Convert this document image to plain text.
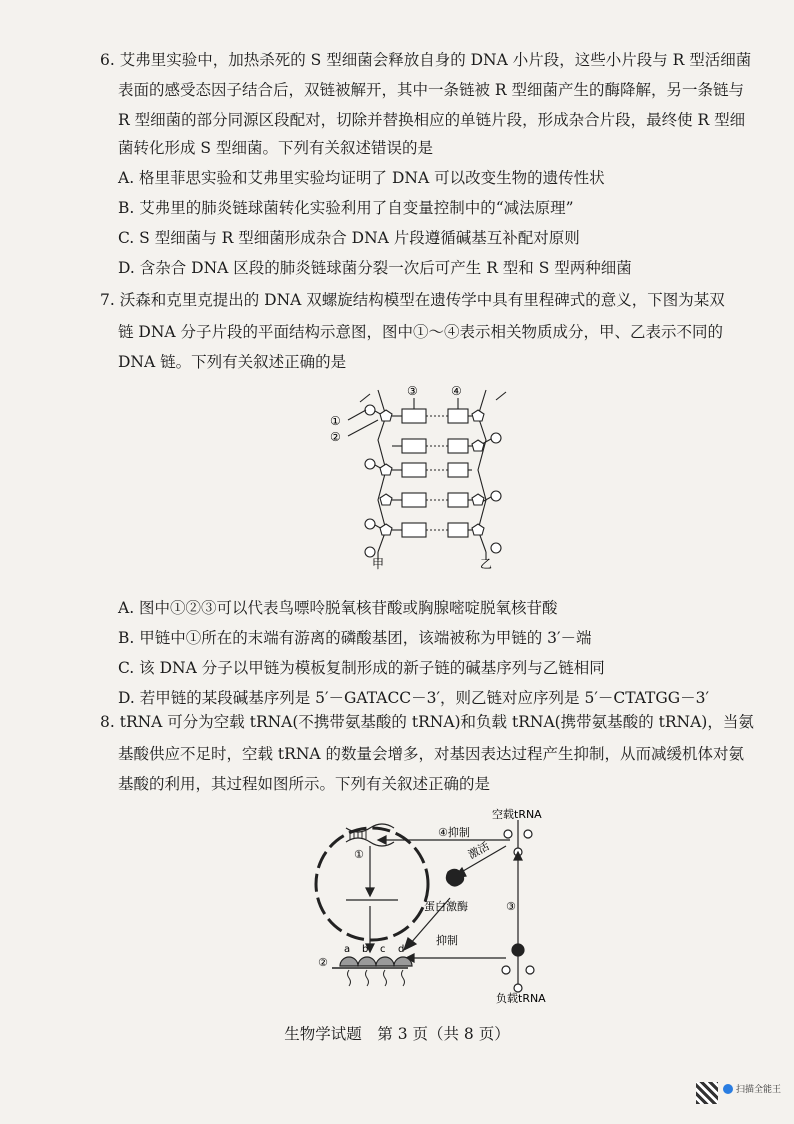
6. 艾弗里实验中，加热杀死的 S 型细菌会释放自身的 DNA 小片段，这些小片段与 R 型活细菌
表面的感受态因子结合后，双链被解开，其中一条链被 R 型细菌产生的酶降解，另一条链与
R 型细菌的部分同源区段配对，切除并替换相应的单链片段，形成杂合片段，最终使 R 型细
菌转化形成 S 型细菌。下列有关叙述错误的是
A. 格里菲思实验和艾弗里实验均证明了 DNA 可以改变生物的遗传性状
B. 艾弗里的肺炎链球菌转化实验利用了自变量控制中的“减法原理”
C. S 型细菌与 R 型细菌形成杂合 DNA 片段遵循碱基互补配对原则
D. 含杂合 DNA 区段的肺炎链球菌分裂一次后可产生 R 型和 S 型两种细菌
7. 沃森和克里克提出的 DNA 双螺旋结构模型在遗传学中具有里程碑式的意义，下图为某双
链 DNA 分子片段的平面结构示意图，图中①～④表示相关物质成分，甲、乙表示不同的
DNA 链。下列有关叙述正确的是
①
②
③	④
甲	乙
A. 图中①②③可以代表鸟嘌呤脱氧核苷酸或胸腺嘧啶脱氧核苷酸
B. 甲链中①所在的末端有游离的磷酸基团，该端被称为甲链的 3′－端
C. 该 DNA 分子以甲链为模板复制形成的新子链的碱基序列与乙链相同
D. 若甲链的某段碱基序列是 5′－GATACC－3′，则乙链对应序列是 5′－CTATGG－3′
8. tRNA 可分为空载 tRNA(不携带氨基酸的 tRNA)和负载 tRNA(携带氨基酸的 tRNA)，当氨
基酸供应不足时，空载 tRNA 的数量会增多，对基因表达过程产生抑制，从而减缓机体对氨
基酸的利用，其过程如图所示。下列有关叙述正确的是
空载tRNA
负载tRNA
④抑制
激活
蛋白激酶
抑制
①
②
③
a b c d
生物学试题　第 3 页（共 8 页）
扫描全能王
